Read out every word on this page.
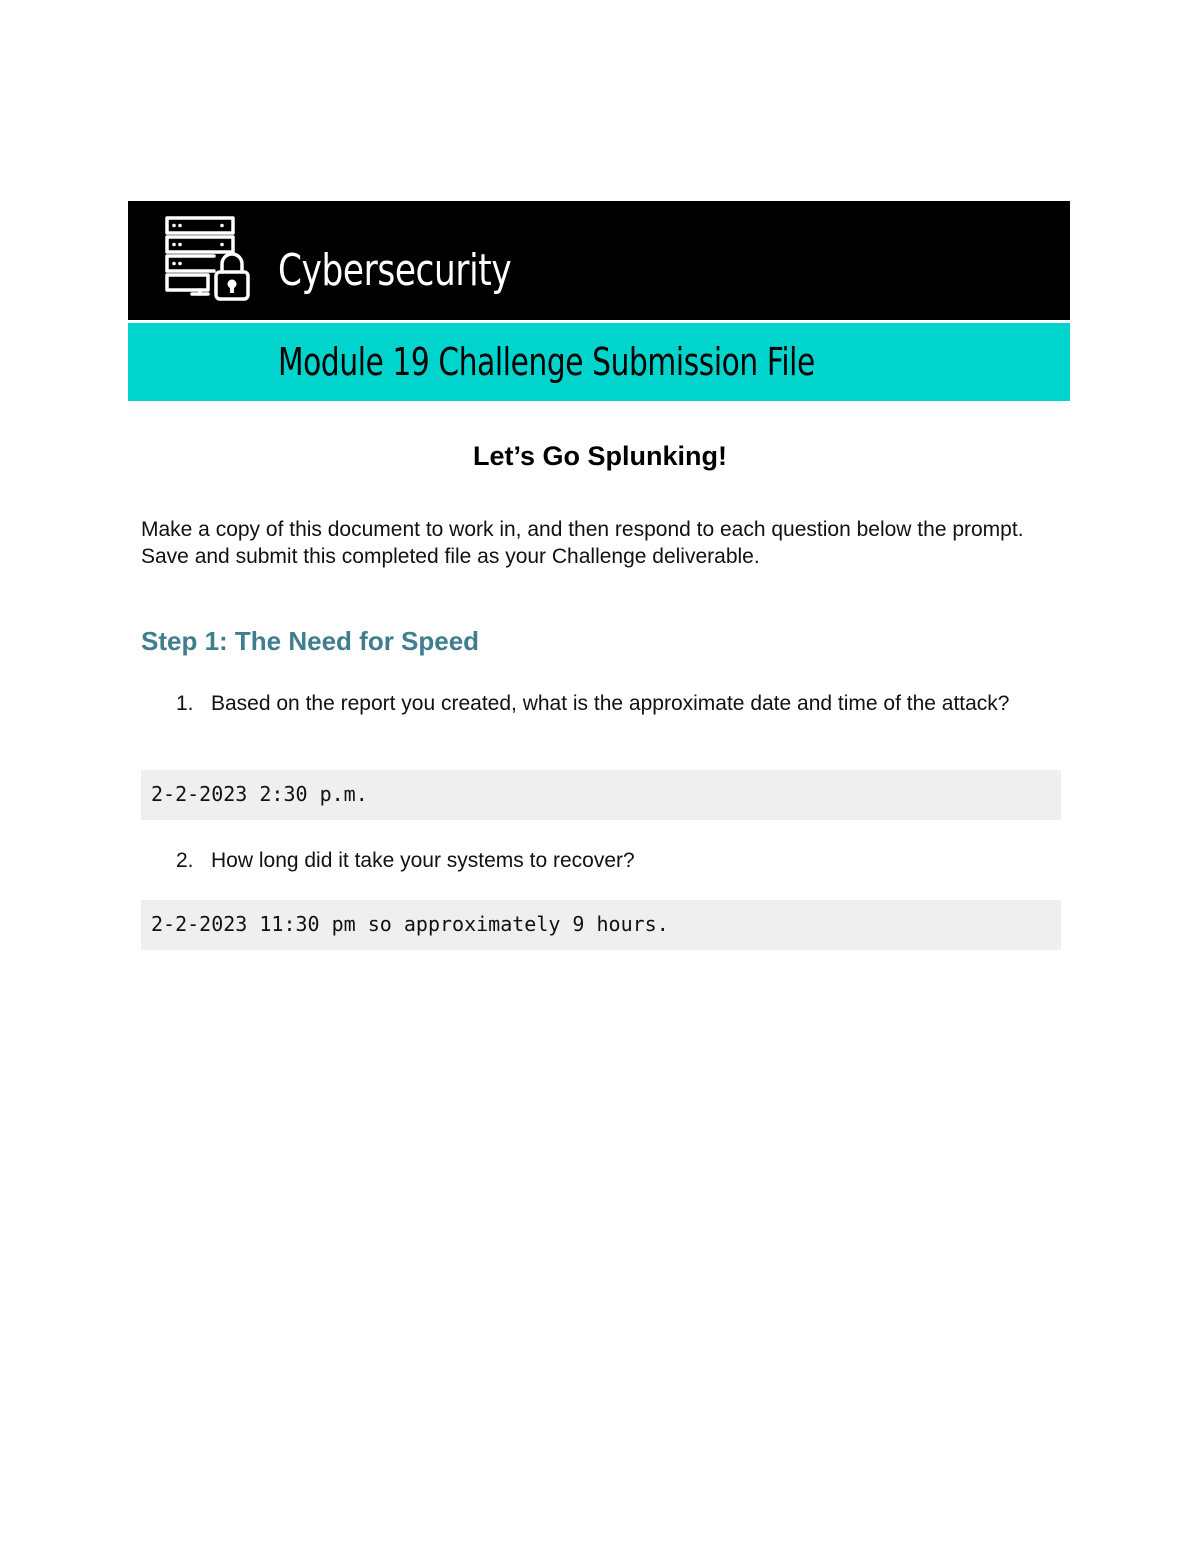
Cybersecurity
Module 19 Challenge Submission File
Let’s Go Splunking!

Make a copy of this document to work in, and then respond to each question below the prompt. Save and submit this completed file as your Challenge deliverable.

Step 1: The Need for Speed
1. Based on the report you created, what is the approximate date and time of the attack?
2-2-2023 2:30 p.m.
2. How long did it take your systems to recover?
2-2-2023 11:30 pm so approximately 9 hours.
